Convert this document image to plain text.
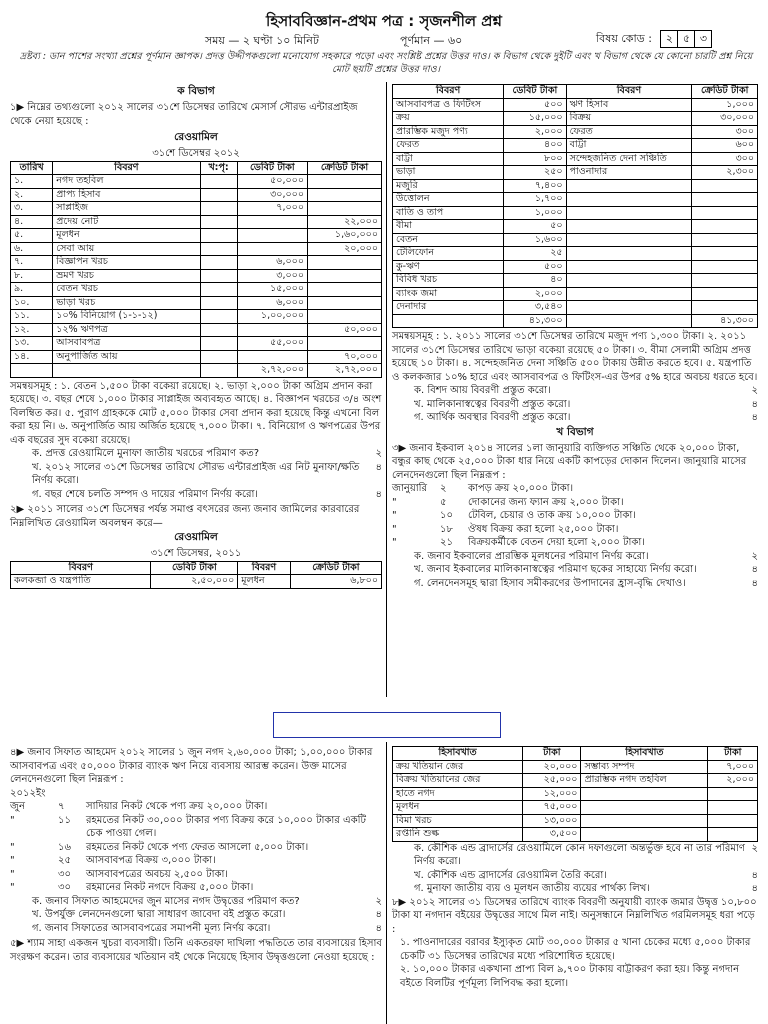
হিসাববিজ্ঞান-প্রথম পত্র : সৃজনশীল প্রশ্ন
সময় — ২ ঘণ্টা ১০ মিনিট	পূর্ণমান — ৬০	বিষয় কোড : ২ ৫ ৩
দ্রষ্টব্য : ডান পাশের সংখ্যা প্রশ্নের পূর্ণমান জ্ঞাপক। প্রদত্ত উদ্দীপকগুলো মনোযোগ সহকারে পড়ো এবং সংশ্লিষ্ট প্রশ্নের উত্তর দাও। ক বিভাগ থেকে দুইটি এবং খ বিভাগ থেকে যে কোনো চারটি প্রশ্ন নিয়ে মোট ছয়টি প্রশ্নের উত্তর দাও।
ক বিভাগ
১▶ নিম্নের তথ্যগুলো ২০১২ সালের ৩১শে ডিসেম্বর তারিখে মেসার্স সৌরভ এন্টারপ্রাইজ থেকে নেয়া হয়েছে :
রেওয়ামিল
৩১শে ডিসেম্বর ২০১২
তারিখ	বিবরণ	খ:পৃ:	ডেবিট টাকা	ক্রেডিট টাকা
১.	নগদ তহবিল		৫০,০০০	
২.	প্রাপ্য হিসাব		৩০,০০০	
৩.	সাপ্লাইজ		৭,০০০	
৪.	প্রদেয় নোট			২২,০০০
৫.	মূলধন			১,৬০,০০০
৬.	সেবা আয়			২০,০০০
৭.	বিজ্ঞাপন খরচ		৬,০০০	
৮.	ভ্রমণ খরচ		৩,০০০	
৯.	বেতন খরচ		১৫,০০০	
১০.	ভাড়া খরচ		৬,০০০	
১১.	১০% বিনিয়োগ (১-১-১২)		১,০০,০০০	
১২.	১২% ঋণপত্র			৫০,০০০
১৩.	আসবাবপত্র		৫৫,০০০	
১৪.	অনুপার্জিত আয়			৭০,০০০
			২,৭২,০০০	২,৭২,০০০
সমন্বয়সমূহ : ১. বেতন ১,৫০০ টাকা বকেয়া রয়েছে। ২. ভাড়া ২,০০০ টাকা অগ্রিম প্রদান করা হয়েছে। ৩. বছর শেষে ১,০০০ টাকার সাপ্লাইজ অব্যবহৃত আছে। ৪. বিজ্ঞাপন খরচের ৩/৪ অংশ বিলম্বিত কর। ৫. পুরাণ গ্রাহককে মোট ৫,০০০ টাকার সেবা প্রদান করা হয়েছে কিন্তু এখনো বিল করা হয় নি। ৬. অনুপার্জিত আয় অর্জিত হয়েছে ৭,০০০ টাকা। ৭. বিনিয়োগ ও ঋণপত্রের উপর এক বছরের সুদ বকেয়া রয়েছে।
২
ক. প্রদত্ত রেওয়ামিলে মুনাফা জাতীয় খরচের পরিমাণ কত?
৪
খ. ২০১২ সালের ৩১শে ডিসেম্বর তারিখে সৌরভ এন্টারপ্রাইজ এর নিট মুনাফা/ক্ষতি নির্ণয় করো।
৪
গ. বছর শেষে চলতি সম্পদ ও দায়ের পরিমাণ নির্ণয় করো।
২▶ ২০১১ সালের ৩১শে ডিসেম্বর পর্যন্ত সমাপ্ত বৎসরের জন্য জনাব জামিলের কারবারের নিম্নলিখিত রেওয়ামিল অবলম্বন করে—
রেওয়ামিল
৩১শে ডিসেম্বর, ২০১১
বিবরণ	ডেবিট টাকা	বিবরণ	ক্রেডিট টাকা
কলকব্জা ও যন্ত্রপাতি	২,৫০,০০০	মূলধন	৬,৮০০
বিবরণ	ডেবিট টাকা	বিবরণ	ক্রেডিট টাকা
আসবাবপত্র ও ফিটিংস	৫০০	ঋণ হিসাব	১,০০০
ক্রয়	১৫,০০০	বিক্রয়	৩০,০০০
প্রারম্ভিক মজুদ পণ্য	২,০০০	ফেরত	৩০০
ফেরত	৪০০	বাট্টা	৬০০
বাট্টা	৮০০	সন্দেহজনিত দেনা সঞ্চিতি	৩০০
ভাড়া	২৫০	পাওনাদার	২,৩০০
মজুরি	৭,৪০০		
উত্তোলন	১,৭০০		
বাতি ও তাপ	১,০০০		
বীমা	৫০		
বেতন	১,৬০০		
টেলিফোন	২৫		
কু-ঋণ	৫০০		
বিবিধ খরচ	৪০		
ব্যাংক জমা	২,০০০		
দেনাদার	৩,৫৪০		
	৪১,৩০০		৪১,৩০০
সমন্বয়সমূহ : ১. ২০১১ সালের ৩১শে ডিসেম্বর তারিখে মজুদ পণ্য ১,৩০০ টাকা। ২. ২০১১ সালের ৩১শে ডিসেম্বর তারিখে ভাড়া বকেয়া রয়েছে ৫০ টাকা। ৩. বীমা সেলামী অগ্রিম প্রদত্ত হয়েছে ১০ টাকা। ৪. সন্দেহজনিত দেনা সঞ্চিতি ৫০০ টাকায় উন্নীত করতে হবে। ৫. যন্ত্রপাতি ও কলকজার ১০% হারে এবং আসবাবপত্র ও ফিটিংস-এর উপর ৫% হারে অবচয় ধরতে হবে।
২
ক. বিশদ আয় বিবরণী প্রস্তুত করো।
৪
খ. মালিকানাস্বত্বের বিবরণী প্রস্তুত করো।
৪
গ. আর্থিক অবস্থার বিবরণী প্রস্তুত করো।
খ বিভাগ
৩▶ জনাব ইকবাল ২০১৪ সালের ১লা জানুয়ারি ব্যক্তিগত সঞ্চিতি থেকে ২০,০০০ টাকা, বন্ধুর কাছ থেকে ২৫,০০০ টাকা ধার নিয়ে একটি কাপড়ের দোকান দিলেন। জানুয়ারি মাসের লেনদেনগুলো ছিল নিম্নরূপ :
জানুয়ারি	২	কাপড় ক্রয় ২০,০০০ টাকা।
"	৫	দোকানের জন্য ফ্যান ক্রয় ২,০০০ টাকা।
"	১০	টেবিল, চেয়ার ও তাক ক্রয় ১০,০০০ টাকা।
"	১৮	ঔষধ বিক্রয় করা হলো ২৫,০০০ টাকা।
"	২১	বিক্রয়কর্মীকে বেতন দেয়া হলো ২,০০০ টাকা।
২
ক. জনাব ইকবালের প্রারম্ভিক মূলধনের পরিমাণ নির্ণয় করো।
৪
খ. জনাব ইকবালের মালিকানাস্বত্বের পরিমাণ ছকের সাহায্যে নির্ণয় করো।
৪
গ. লেনদেনসমূহ দ্বারা হিসাব সমীকরণের উপাদানের হ্রাস-বৃদ্ধি দেখাও।
৪▶ জনাব সিফাত আহমেদ ২০১২ সালের ১ জুন নগদ ২,৬০,০০০ টাকা; ১,০০,০০০ টাকার আসবাবপত্র এবং ৫০,০০০ টাকার ব্যাংক ঋণ নিয়ে ব্যবসায় আরম্ভ করেন। উক্ত মাসের লেনদেনগুলো ছিল নিম্নরূপ :
২০১২ইং
জুন	৭	সাদিয়ার নিকট থেকে পণ্য ক্রয় ২০,০০০ টাকা।
"	১১	রহমতের নিকট ৩০,০০০ টাকার পণ্য বিক্রয় করে ১০,০০০ টাকার একটি চেক পাওয়া গেল।
"	১৬	রহমতের নিকট থেকে পণ্য ফেরত আসলো ৫,০০০ টাকা।
"	২৫	আসবাবপত্র বিক্রয় ৩,০০০ টাকা।
"	৩০	আসবাবপত্রের অবচয় ২,৫০০ টাকা।
"	৩০	রহমানের নিকট নগদে বিক্রয় ৫,০০০ টাকা।
২
ক. জনাব সিফাত আহমেদের জুন মাসের নগদ উদ্বৃত্তের পরিমাণ কত?
৪
খ. উপর্যুক্ত লেনদেনগুলো দ্বারা সাধারণ জাবেদা বই প্রস্তুত করো।
৪
গ. জনাব সিফাতের আসবাবপত্রের সমাপনী মূল্য নির্ণয় করো।
৫▶ শ্যাম সাহা একজন খুচরা ব্যবসায়ী। তিনি একতরফা দাখিলা পদ্ধতিতে তার ব্যবসায়ের হিসাব সংরক্ষণ করেন। তার ব্যবসায়ের খতিয়ান বই থেকে নিয়েছে হিসাব উদ্বৃত্তগুলো নেওয়া হয়েছে :
হিসাবখাত	টাকা	হিসাবখাত	টাকা
ক্রয় খতিয়ান জের	২০,০০০	সম্ভাব্য সম্পদ	৭,০০০
বিক্রয় খতিয়ানের জের	২৫,০০০	প্রারম্ভিক নগদ তহবিল	২,০০০
হাতে নগদ	১২,০০০		
মূলধন	৭৫,০০০		
বিমা খরচ	১৩,০০০		
রপ্তানি শুল্ক	৩,৫০০		
২
ক. কৌশিক এন্ড ব্রাদার্সের রেওয়ামিলে কোন দফাগুলো অন্তর্ভুক্ত হবে না তার পরিমাণ নির্ণয় করো।
৪
খ. কৌশিক এন্ড ব্রাদার্সের রেওয়ামিল তৈরি করো।
৪
গ. মুনাফা জাতীয় ব্যয় ও মূলধন জাতীয় ব্যয়ের পার্থক্য লিখ।
৮▶ ২০১২ সালের ৩১ ডিসেম্বর তারিখে ব্যাংক বিবরণী অনুযায়ী ব্যাংক জমার উদ্বৃত্ত ১০,৮০০ টাকা যা নগদান বইয়ের উদ্বৃত্তের সাথে মিল নাই। অনুসন্ধানে নিম্নলিখিত গরমিলসমূহ ধরা পড়ে :
১. পাওনাদারের বরাবর ইস্যুকৃত মোট ৩০,০০০ টাকার ৫ খানা চেকের মধ্যে ৫,০০০ টাকার চেকটি ৩১ ডিসেম্বর তারিখের মধ্যে পরিশোধিত হয়েছে।
২. ১০,০০০ টাকার একখানা প্রাপ্য বিল ৯,৭০০ টাকায় বাট্টাকরণ করা হয়। কিন্তু নগদান বইতে বিলটির পূর্ণমূল্য লিপিবদ্ধ করা হলো।
